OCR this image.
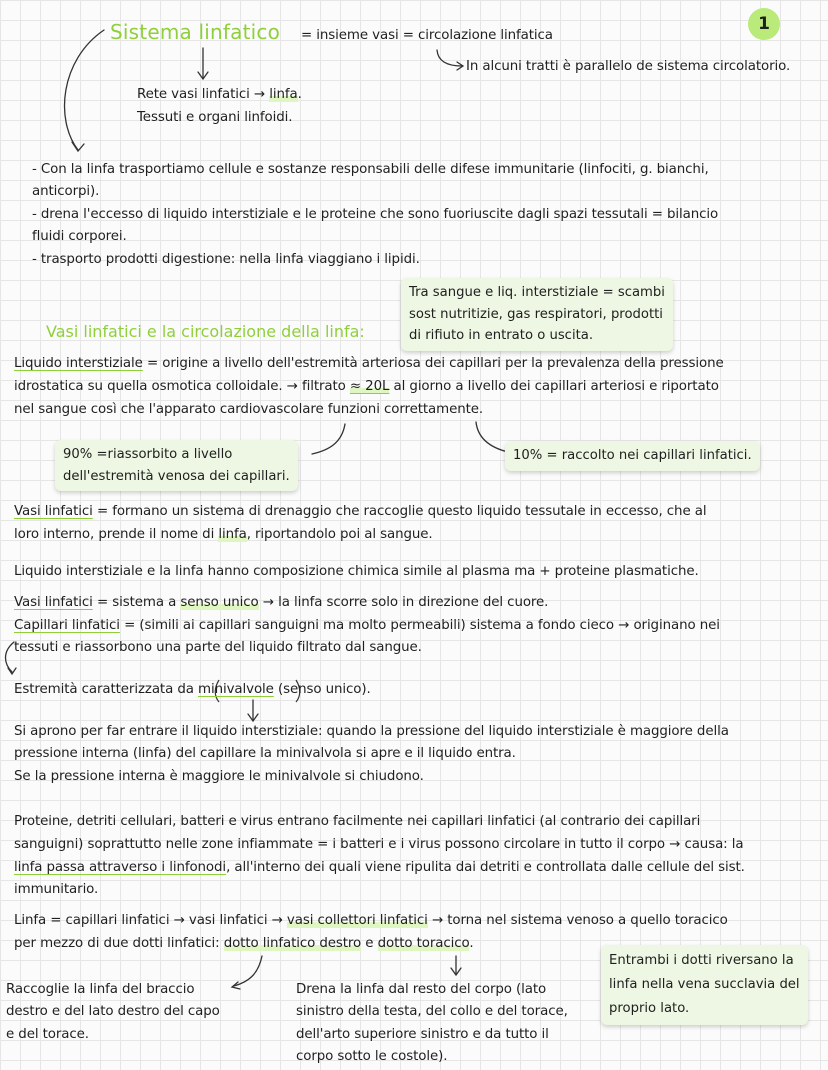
1
Sistema linfatico = insieme vasi = circolazione linfatica
In alcuni tratti è parallelo de sistema circolatorio.
Rete vasi linfatici → linfa.
Tessuti e organi linfoidi.
- Con la linfa trasportiamo cellule e sostanze responsabili delle difese immunitarie (linfociti, g. bianchi,
anticorpi).
- drena l'eccesso di liquido interstiziale e le proteine che sono fuoriuscite dagli spazi tessutali = bilancio
fluidi corporei.
- trasporto prodotti digestione: nella linfa viaggiano i lipidi.
Tra sangue e liq. interstiziale = scambi
sost nutritizie, gas respiratori, prodotti
di rifiuto in entrato o uscita.
Vasi linfatici e la circolazione della linfa:
Liquido interstiziale = origine a livello dell'estremità arteriosa dei capillari per la prevalenza della pressione
idrostatica su quella osmotica colloidale. → filtrato ≈ 20L al giorno a livello dei capillari arteriosi e riportato
nel sangue così che l'apparato cardiovascolare funzioni correttamente.
90% =riassorbito a livello
dell'estremità venosa dei capillari.
10% = raccolto nei capillari linfatici.
Vasi linfatici = formano un sistema di drenaggio che raccoglie questo liquido tessutale in eccesso, che al
loro interno, prende il nome di linfa, riportandolo poi al sangue.
Liquido interstiziale e la linfa hanno composizione chimica simile al plasma ma + proteine plasmatiche.
Vasi linfatici = sistema a senso unico → la linfa scorre solo in direzione del cuore.
Capillari linfatici = (simili ai capillari sanguigni ma molto permeabili) sistema a fondo cieco → originano nei
tessuti e riassorbono una parte del liquido filtrato dal sangue.
Estremità caratterizzata da minivalvole (senso unico).
Si aprono per far entrare il liquido interstiziale: quando la pressione del liquido interstiziale è maggiore della
pressione interna (linfa) del capillare la minivalvola si apre e il liquido entra.
Se la pressione interna è maggiore le minivalvole si chiudono.
Proteine, detriti cellulari, batteri e virus entrano facilmente nei capillari linfatici (al contrario dei capillari
sanguigni) soprattutto nelle zone infiammate = i batteri e i virus possono circolare in tutto il corpo → causa: la
linfa passa attraverso i linfonodi, all'interno dei quali viene ripulita dai detriti e controllata dalle cellule del sist.
immunitario.
Linfa = capillari linfatici → vasi linfatici → vasi collettori linfatici → torna nel sistema venoso a quello toracico
per mezzo di due dotti linfatici: dotto linfatico destro e dotto toracico.
Entrambi i dotti riversano la
linfa nella vena succlavia del
proprio lato.
Raccoglie la linfa del braccio
destro e del lato destro del capo
e del torace.
Drena la linfa dal resto del corpo (lato
sinistro della testa, del collo e del torace,
dell'arto superiore sinistro e da tutto il
corpo sotto le costole).
